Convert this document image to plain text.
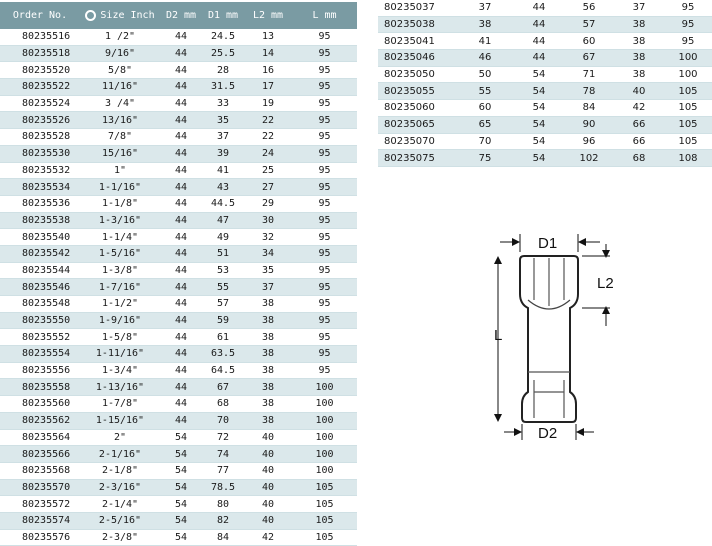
Order No.	Size Inch	D2 mm	D1 mm	L2 mm	L mm
80235516	1 /2"	44	24.5	13	95
80235518	9/16"	44	25.5	14	95
80235520	5/8"	44	28	16	95
80235522	11/16"	44	31.5	17	95
80235524	3 /4"	44	33	19	95
80235526	13/16"	44	35	22	95
80235528	7/8"	44	37	22	95
80235530	15/16"	44	39	24	95
80235532	1"	44	41	25	95
80235534	1-1/16"	44	43	27	95
80235536	1-1/8"	44	44.5	29	95
80235538	1-3/16"	44	47	30	95
80235540	1-1/4"	44	49	32	95
80235542	1-5/16"	44	51	34	95
80235544	1-3/8"	44	53	35	95
80235546	1-7/16"	44	55	37	95
80235548	1-1/2"	44	57	38	95
80235550	1-9/16"	44	59	38	95
80235552	1-5/8"	44	61	38	95
80235554	1-11/16"	44	63.5	38	95
80235556	1-3/4"	44	64.5	38	95
80235558	1-13/16"	44	67	38	100
80235560	1-7/8"	44	68	38	100
80235562	1-15/16"	44	70	38	100
80235564	2"	54	72	40	100
80235566	2-1/16"	54	74	40	100
80235568	2-1/8"	54	77	40	100
80235570	2-3/16"	54	78.5	40	105
80235572	2-1/4"	54	80	40	105
80235574	2-5/16"	54	82	40	105
80235576	2-3/8"	54	84	42	105
80235037	37	44	56	37	95
80235038	38	44	57	38	95
80235041	41	44	60	38	95
80235046	46	44	67	38	100
80235050	50	54	71	38	100
80235055	55	54	78	40	105
80235060	60	54	84	42	105
80235065	65	54	90	66	105
80235070	70	54	96	66	105
80235075	75	54	102	68	108
D1
L2
L
D2
